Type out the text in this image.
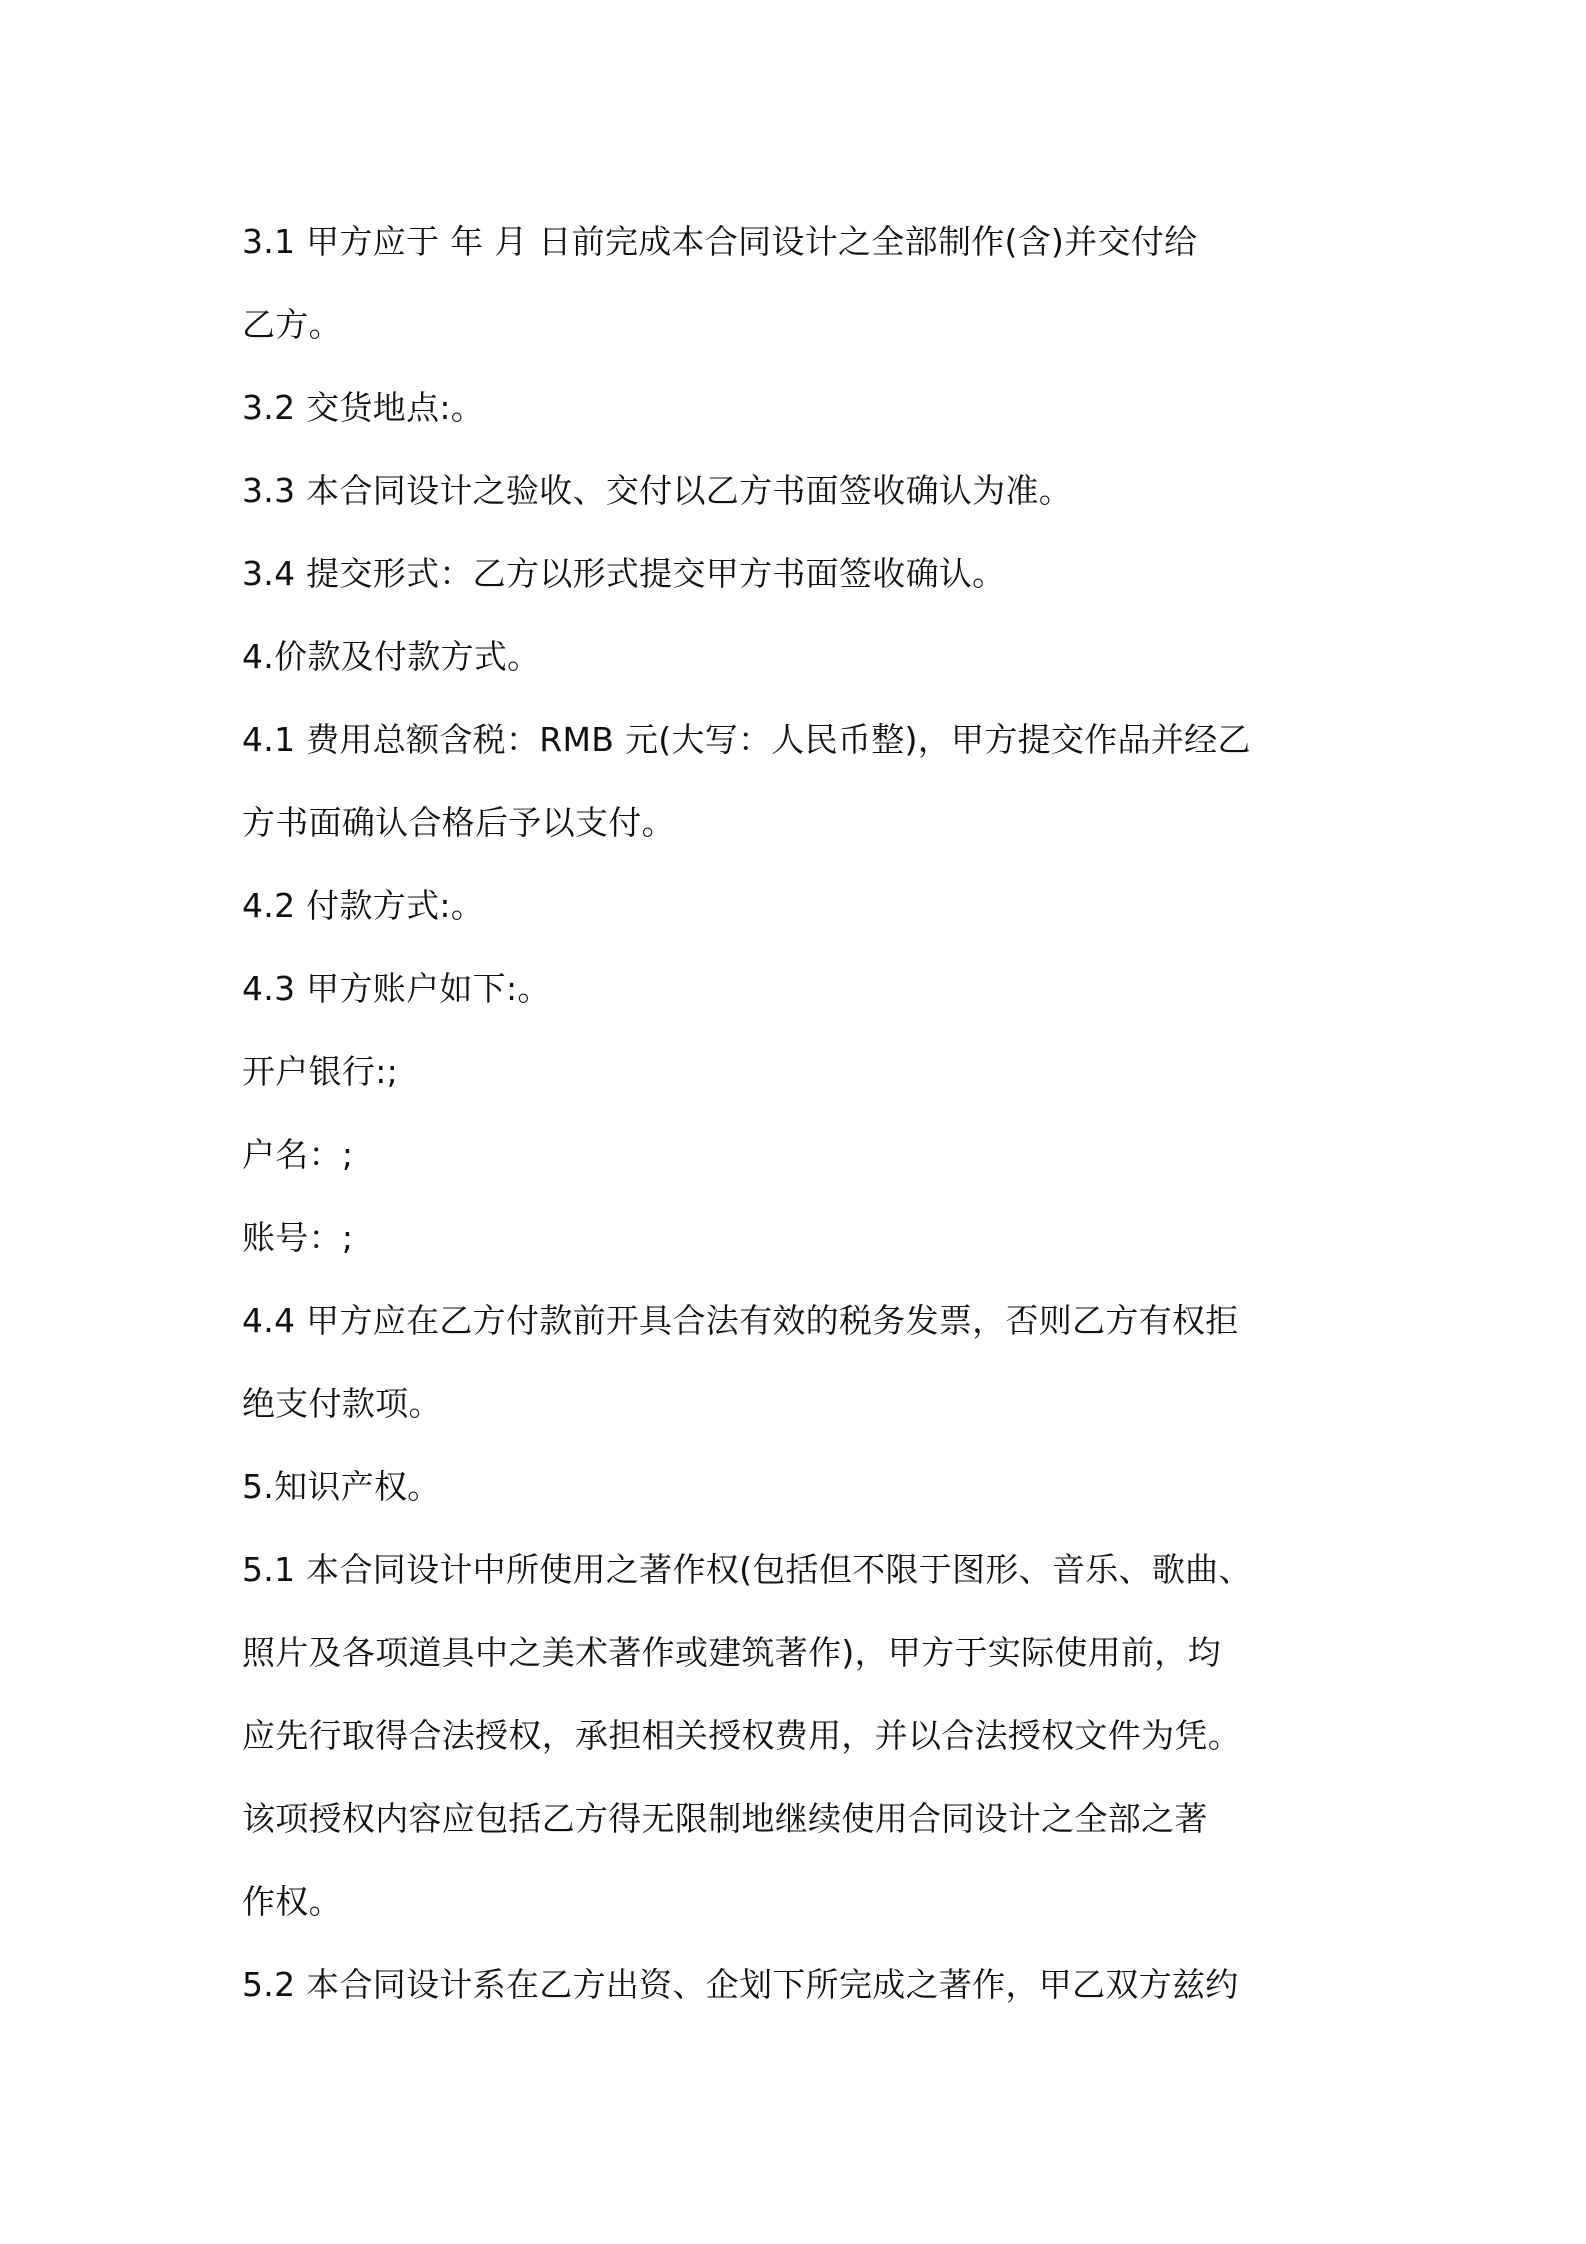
3.1 甲方应于 年 月 日前完成本合同设计之全部制作(含)并交付给
乙方。
3.2 交货地点:。
3.3 本合同设计之验收、交付以乙方书面签收确认为准。
3.4 提交形式：乙方以形式提交甲方书面签收确认。
4.价款及付款方式。
4.1 费用总额含税：RMB 元(大写：人民币整)，甲方提交作品并经乙
方书面确认合格后予以支付。
4.2 付款方式:。
4.3 甲方账户如下:。
开户银行:;
户名：;
账号：;
4.4 甲方应在乙方付款前开具合法有效的税务发票，否则乙方有权拒
绝支付款项。
5.知识产权。
5.1 本合同设计中所使用之著作权(包括但不限于图形、音乐、歌曲、
照片及各项道具中之美术著作或建筑著作)，甲方于实际使用前，均
应先行取得合法授权，承担相关授权费用，并以合法授权文件为凭。
该项授权内容应包括乙方得无限制地继续使用合同设计之全部之著
作权。
5.2 本合同设计系在乙方出资、企划下所完成之著作，甲乙双方兹约
